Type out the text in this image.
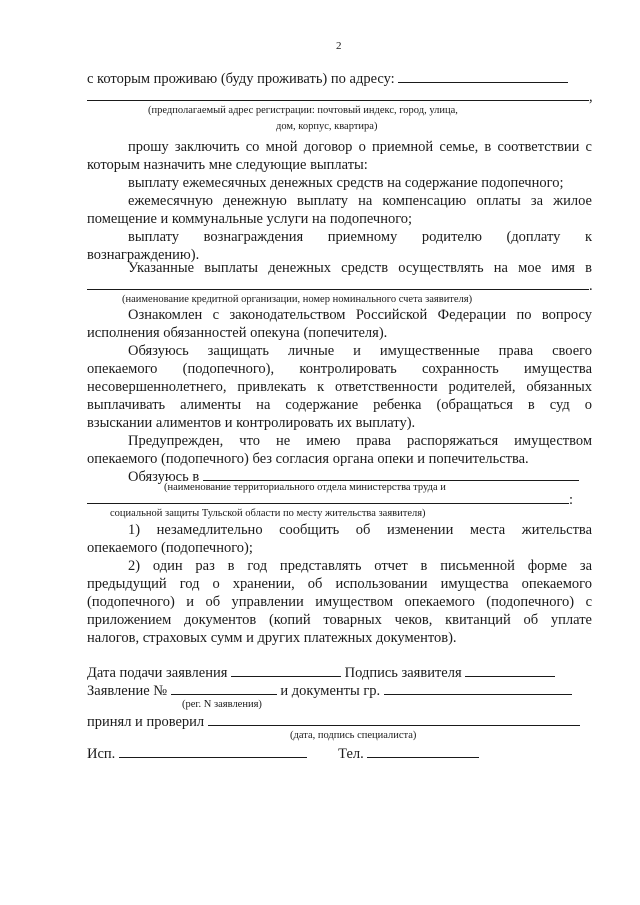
2
с которым проживаю (буду проживать) по адресу:
,
(предполагаемый адрес регистрации: почтовый индекс, город, улица,
дом, корпус, квартира)
прошу заключить со мной договор о приемной семье, в соответствии с
которым назначить мне следующие выплаты:
выплату ежемесячных денежных средств на содержание подопечного;
ежемесячную денежную выплату на компенсацию оплаты за жилое
помещение и коммунальные услуги на подопечного;
выплату вознаграждения приемному родителю (доплату к
вознаграждению).
Указанные выплаты денежных средств осуществлять на мое имя в
.
(наименование кредитной организации, номер номинального счета заявителя)
Ознакомлен с законодательством Российской Федерации по вопросу
исполнения обязанностей опекуна (попечителя).
Обязуюсь защищать личные и имущественные права своего
опекаемого (подопечного), контролировать сохранность имущества
несовершеннолетнего, привлекать к ответственности родителей, обязанных
выплачивать алименты на содержание ребенка (обращаться в суд о
взыскании алиментов и контролировать их выплату).
Предупрежден, что не имею права распоряжаться имуществом
опекаемого (подопечного) без согласия органа опеки и попечительства.
Обязуюсь в
(наименование территориального отдела министерства труда и
:
социальной защиты Тульской области по месту жительства заявителя)
1) незамедлительно сообщить об изменении места жительства
опекаемого (подопечного);
2) один раз в год представлять отчет в письменной форме за
предыдущий год о хранении, об использовании имущества опекаемого
(подопечного) и об управлении имуществом опекаемого (подопечного) с
приложением документов (копий товарных чеков, квитанций об уплате
налогов, страховых сумм и других платежных документов).
Дата подачи заявления	Подпись заявителя
Заявление №	и документы гр.
(рег. N заявления)
принял и проверил
(дата, подпись специалиста)
Исп.	Тел.
